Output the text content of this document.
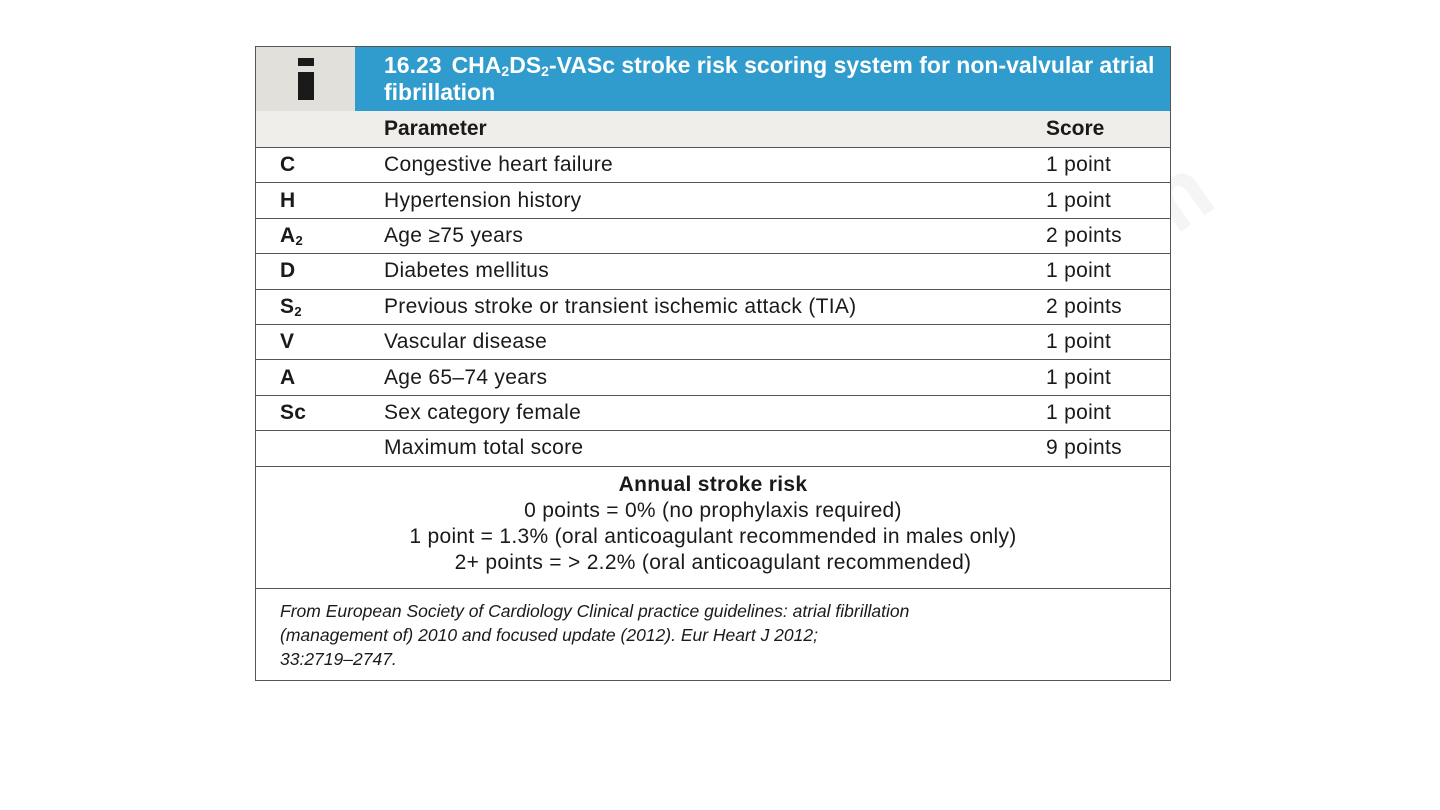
16.23 $CHA_2DS_2$-VASc stroke risk scoring system for non-valvular atrial fibrillation
Parameter	Score
C	Congestive heart failure	1 point
H	Hypertension history	1 point
$A_2$	Age ≥75 years	2 points
D	Diabetes mellitus	1 point
$S_2$	Previous stroke or transient ischemic attack (TIA)	2 points
V	Vascular disease	1 point
A	Age 65–74 years	1 point
Sc	Sex category female	1 point
Maximum total score	9 points
Annual stroke risk
0 points = 0% (no prophylaxis required)
1 point = 1.3% (oral anticoagulant recommended in males only)
2+ points = > 2.2% (oral anticoagulant recommended)
From European Society of Cardiology Clinical practice guidelines: atrial fibrillation
(management of) 2010 and focused update (2012). Eur Heart J 2012;
33:2719–2747.
